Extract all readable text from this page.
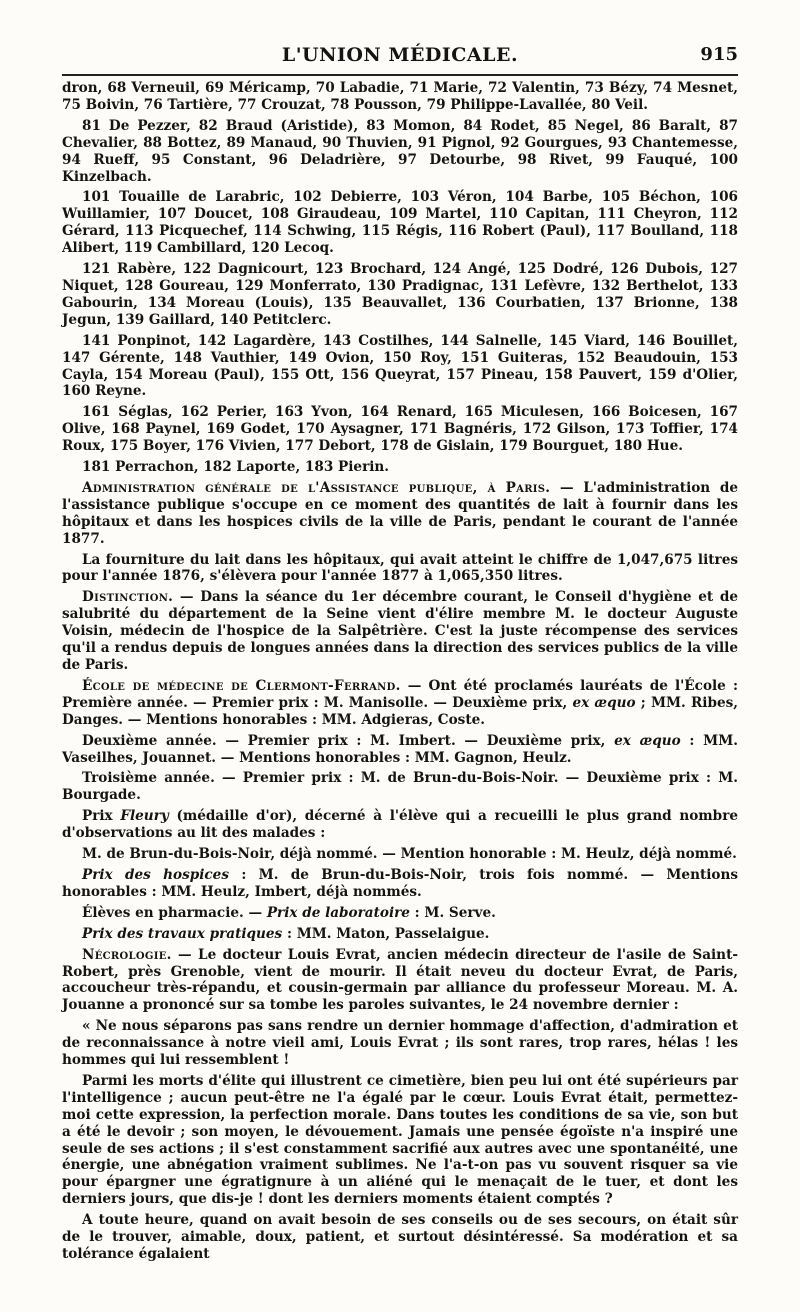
L'UNION MÉDICALE.	915

dron, 68 Verneuil, 69 Méricamp, 70 Labadie, 71 Marie, 72 Valentin, 73 Bézy, 74 Mesnet, 75 Boivin, 76 Tartière, 77 Crouzat, 78 Pousson, 79 Philippe-Lavallée, 80 Veil.

81 De Pezzer, 82 Braud (Aristide), 83 Momon, 84 Rodet, 85 Negel, 86 Baralt, 87 Chevalier, 88 Bottez, 89 Manaud, 90 Thuvien, 91 Pignol, 92 Gourgues, 93 Chantemesse, 94 Rueff, 95 Constant, 96 Deladrière, 97 Detourbe, 98 Rivet, 99 Fauqué, 100 Kinzelbach.

101 Touaille de Larabric, 102 Debierre, 103 Véron, 104 Barbe, 105 Béchon, 106 Wuillamier, 107 Doucet, 108 Giraudeau, 109 Martel, 110 Capitan, 111 Cheyron, 112 Gérard, 113 Picquechef, 114 Schwing, 115 Régis, 116 Robert (Paul), 117 Boulland, 118 Alibert, 119 Cambillard, 120 Lecoq.

121 Rabère, 122 Dagnicourt, 123 Brochard, 124 Angé, 125 Dodré, 126 Dubois, 127 Niquet, 128 Goureau, 129 Monferrato, 130 Pradignac, 131 Lefèvre, 132 Berthelot, 133 Gabourin, 134 Moreau (Louis), 135 Beauvallet, 136 Courbatien, 137 Brionne, 138 Jegun, 139 Gaillard, 140 Petitclerc.

141 Ponpinot, 142 Lagardère, 143 Costilhes, 144 Salnelle, 145 Viard, 146 Bouillet, 147 Gérente, 148 Vauthier, 149 Ovion, 150 Roy, 151 Guiteras, 152 Beaudouin, 153 Cayla, 154 Moreau (Paul), 155 Ott, 156 Queyrat, 157 Pineau, 158 Pauvert, 159 d'Olier, 160 Reyne.

161 Séglas, 162 Perier, 163 Yvon, 164 Renard, 165 Miculesen, 166 Boicesen, 167 Olive, 168 Paynel, 169 Godet, 170 Aysagner, 171 Bagnéris, 172 Gilson, 173 Toffier, 174 Roux, 175 Boyer, 176 Vivien, 177 Debort, 178 de Gislain, 179 Bourguet, 180 Hue.

181 Perrachon, 182 Laporte, 183 Pierin.

Administration générale de l'Assistance publique, à Paris. — L'administration de l'assistance publique s'occupe en ce moment des quantités de lait à fournir dans les hôpitaux et dans les hospices civils de la ville de Paris, pendant le courant de l'année 1877.

La fourniture du lait dans les hôpitaux, qui avait atteint le chiffre de 1,047,675 litres pour l'année 1876, s'élèvera pour l'année 1877 à 1,065,350 litres.

Distinction. — Dans la séance du 1er décembre courant, le Conseil d'hygiène et de salubrité du département de la Seine vient d'élire membre M. le docteur Auguste Voisin, médecin de l'hospice de la Salpêtrière. C'est la juste récompense des services qu'il a rendus depuis de longues années dans la direction des services publics de la ville de Paris.

École de médecine de Clermont-Ferrand. — Ont été proclamés lauréats de l'École : Première année. — Premier prix : M. Manisolle. — Deuxième prix, ex æquo ; MM. Ribes, Danges. — Mentions honorables : MM. Adgieras, Coste.

Deuxième année. — Premier prix : M. Imbert. — Deuxième prix, ex æquo : MM. Vaseilhes, Jouannet. — Mentions honorables : MM. Gagnon, Heulz.

Troisième année. — Premier prix : M. de Brun-du-Bois-Noir. — Deuxième prix : M. Bourgade.

Prix Fleury (médaille d'or), décerné à l'élève qui a recueilli le plus grand nombre d'observations au lit des malades :

M. de Brun-du-Bois-Noir, déjà nommé. — Mention honorable : M. Heulz, déjà nommé.

Prix des hospices : M. de Brun-du-Bois-Noir, trois fois nommé. — Mentions honorables : MM. Heulz, Imbert, déjà nommés.

Élèves en pharmacie. — Prix de laboratoire : M. Serve.

Prix des travaux pratiques : MM. Maton, Passelaigue.

Nécrologie. — Le docteur Louis Evrat, ancien médecin directeur de l'asile de Saint-Robert, près Grenoble, vient de mourir. Il était neveu du docteur Evrat, de Paris, accoucheur très-répandu, et cousin-germain par alliance du professeur Moreau. M. A. Jouanne a prononcé sur sa tombe les paroles suivantes, le 24 novembre dernier :

« Ne nous séparons pas sans rendre un dernier hommage d'affection, d'admiration et de reconnaissance à notre vieil ami, Louis Evrat ; ils sont rares, trop rares, hélas ! les hommes qui lui ressemblent !

Parmi les morts d'élite qui illustrent ce cimetière, bien peu lui ont été supérieurs par l'intelligence ; aucun peut-être ne l'a égalé par le cœur. Louis Evrat était, permettez-moi cette expression, la perfection morale. Dans toutes les conditions de sa vie, son but a été le devoir ; son moyen, le dévouement. Jamais une pensée égoïste n'a inspiré une seule de ses actions ; il s'est constamment sacrifié aux autres avec une spontanéité, une énergie, une abnégation vraiment sublimes. Ne l'a-t-on pas vu souvent risquer sa vie pour épargner une égratignure à un aliéné qui le menaçait de le tuer, et dont les derniers jours, que dis-je ! dont les derniers moments étaient comptés ?

A toute heure, quand on avait besoin de ses conseils ou de ses secours, on était sûr de le trouver, aimable, doux, patient, et surtout désintéressé. Sa modération et sa tolérance égalaient
